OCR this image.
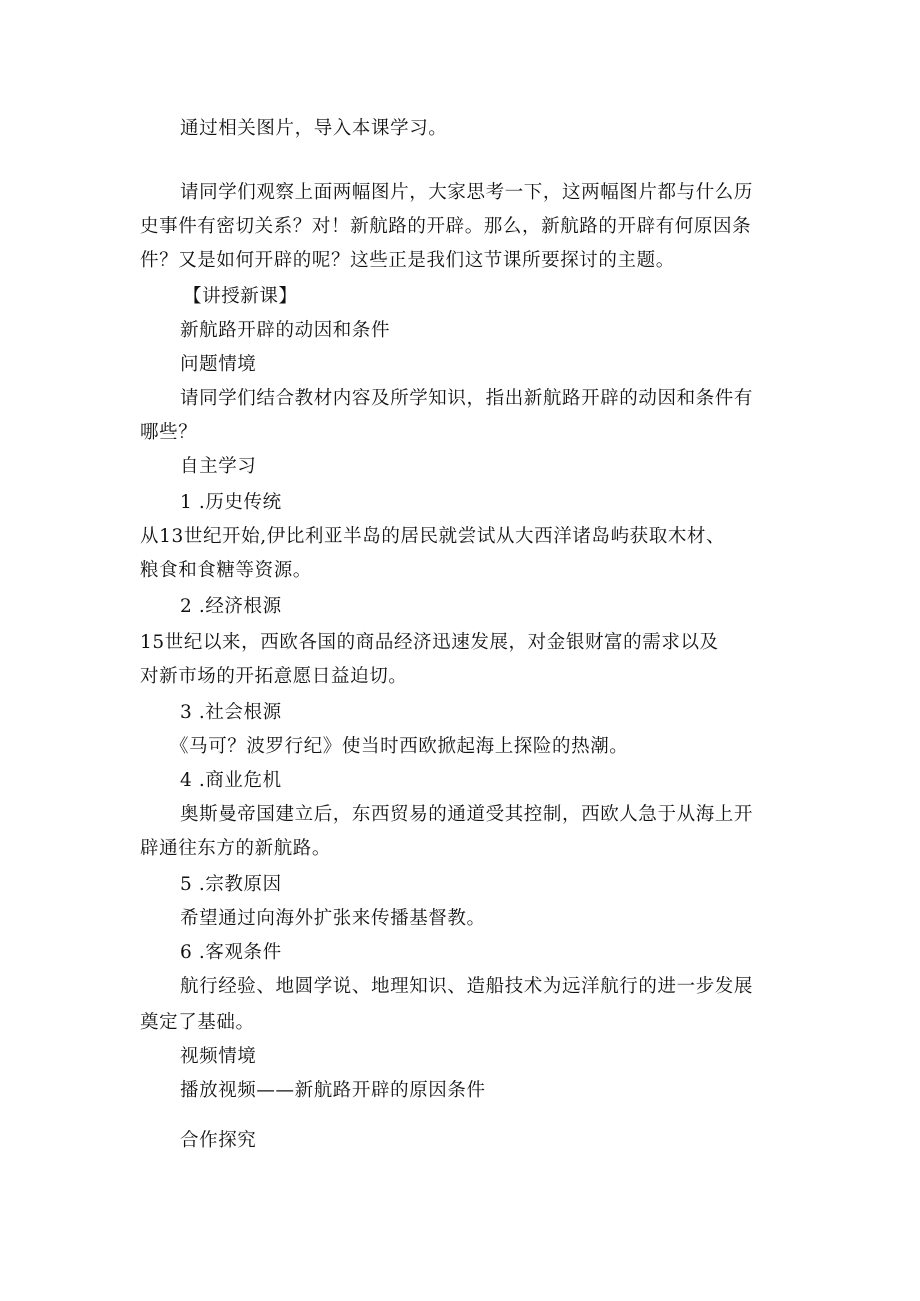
通过相关图片，导入本课学习。
请同学们观察上面两幅图片，大家思考一下，这两幅图片都与什么历
史事件有密切关系？对！新航路的开辟。那么，新航路的开辟有何原因条
件？又是如何开辟的呢？这些正是我们这节课所要探讨的主题。
【讲授新课】
新航路开辟的动因和条件
问题情境
请同学们结合教材内容及所学知识，指出新航路开辟的动因和条件有
哪些？
自主学习
1 .历史传统
从13世纪开始,伊比利亚半岛的居民就尝试从大西洋诸岛屿获取木材、
粮食和食糖等资源。
2 .经济根源
15世纪以来，西欧各国的商品经济迅速发展，对金银财富的需求以及
对新市场的开拓意愿日益迫切。
3 .社会根源
《马可？波罗行纪》使当时西欧掀起海上探险的热潮。
4 .商业危机
奥斯曼帝国建立后，东西贸易的通道受其控制，西欧人急于从海上开
辟通往东方的新航路。
5 .宗教原因
希望通过向海外扩张来传播基督教。
6 .客观条件
航行经验、地圆学说、地理知识、造船技术为远洋航行的进一步发展
奠定了基础。
视频情境
播放视频——新航路开辟的原因条件
合作探究
